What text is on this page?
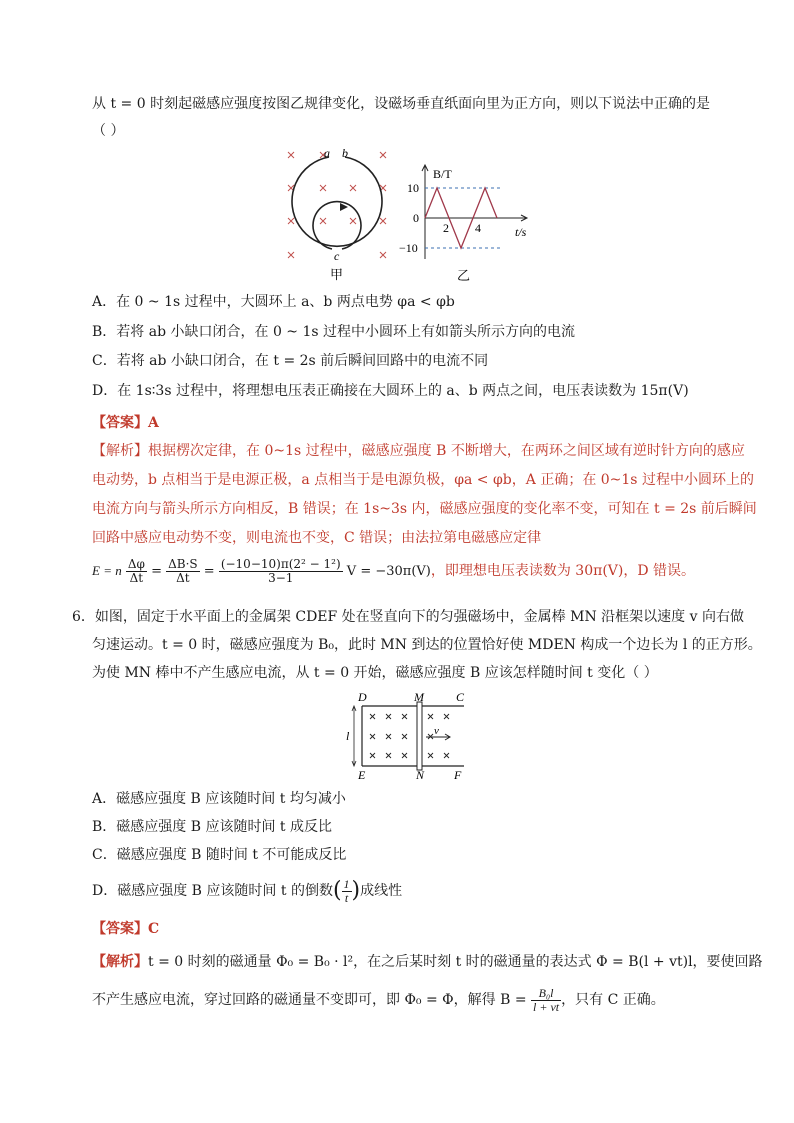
从 t = 0 时刻起磁感应强度按图乙规律变化，设磁场垂直纸面向里为正方向，则以下说法中正确的是
（ ）
a b
c
甲
B/T
t/s
10
0
−10
2 4
乙
A．在 0 ~ 1s 过程中，大圆环上 a、b 两点电势 φa < φb
B．若将 ab 小缺口闭合，在 0 ~ 1s 过程中小圆环上有如箭头所示方向的电流
C．若将 ab 小缺口闭合，在 t = 2s 前后瞬间回路中的电流不同
D．在 1s∶3s 过程中，将理想电压表正确接在大圆环上的 a、b 两点之间，电压表读数为 15π(V)
【答案】A
【解析】根据楞次定律，在 0~1s 过程中，磁感应强度 B 不断增大，在两环之间区域有逆时针方向的感应
电动势，b 点相当于是电源正极，a 点相当于是电源负极，φa < φb，A 正确；在 0~1s 过程中小圆环上的
电流方向与箭头所示方向相反，B 错误；在 1s~3s 内，磁感应强度的变化率不变，可知在 t = 2s 前后瞬间
回路中感应电动势不变，则电流也不变，C 错误；由法拉第电磁感应定律
E = n $\frac{\Delta\varphi}{\Delta t} = \frac{\Delta B\cdot S}{\Delta t} = \frac{\text{(−10−10)π(2² − 1²)}}{3-1}$ V = −30π(V)，即理想电压表读数为 30π(V)，D 错误。
6．如图，固定于水平面上的金属架 CDEF 处在竖直向下的匀强磁场中，金属棒 MN 沿框架以速度 v 向右做
匀速运动。t = 0 时，磁感应强度为 B₀，此时 MN 到达的位置恰好使 MDEN 构成一个边长为 l 的正方形。
为使 MN 棒中不产生感应电流，从 t = 0 开始，磁感应强度 B 应该怎样随时间 t 变化（ ）
v
D	M	C
E	N F
l
A．磁感应强度 B 应该随时间 t 均匀减小
B．磁感应强度 B 应该随时间 t 成反比
C．磁感应强度 B 随时间 t 不可能成反比
D．磁感应强度 B 应该随时间 t 的倒数( $\frac{1}{t}$ )成线性
【答案】C
【解析】t = 0 时刻的磁通量 Φ₀ = B₀ · l²，在之后某时刻 t 时的磁通量的表达式 Φ = B(l + vt)l，要使回路
不产生感应电流，穿过回路的磁通量不变即可，即 Φ₀ = Φ，解得 $B = \frac{\text{B₀l}}{l + vt}$ ，只有 C 正确。
